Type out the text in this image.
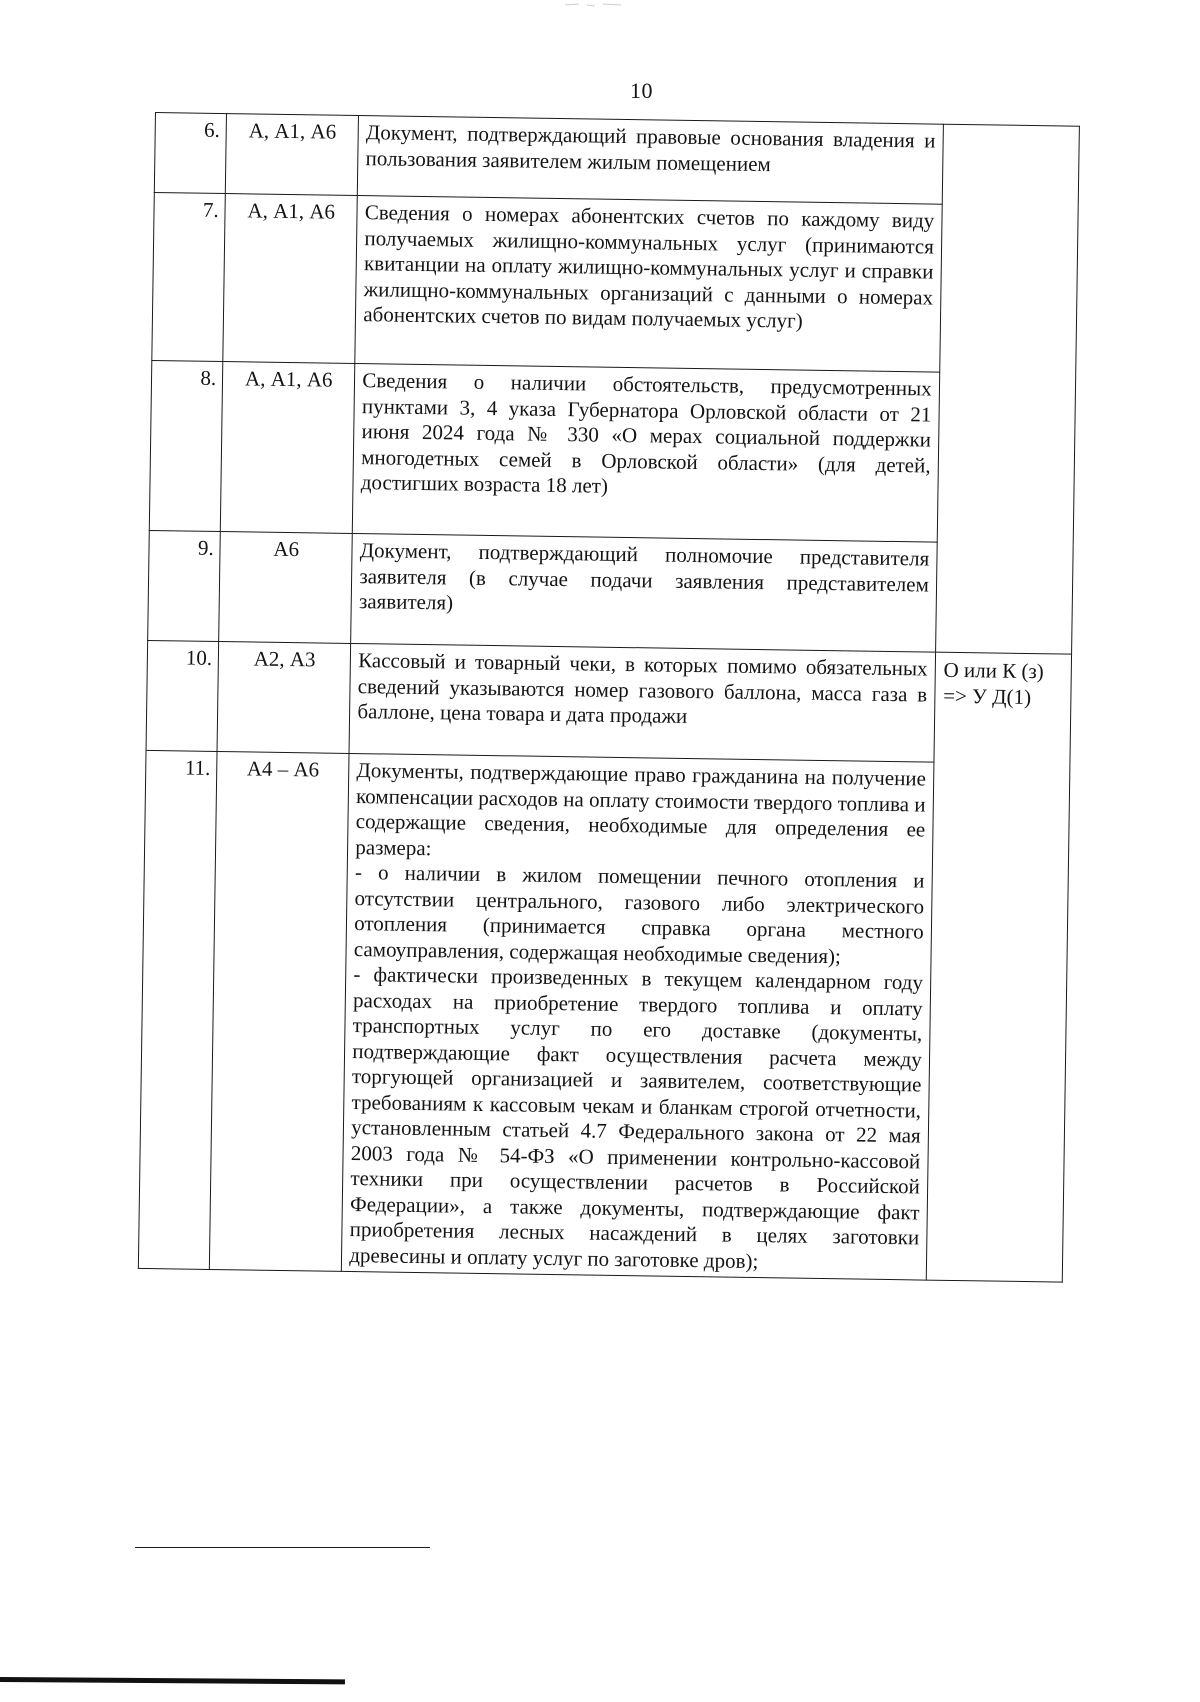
10
6.	А, А1, А6	Документ, подтверждающий правовые основания владения и пользования заявителем жилым помещением	
7.	А, А1, А6	Сведения о номерах абонентских счетов по каждому виду получаемых жилищно-коммунальных услуг (принимаются квитанции на оплату жилищно-коммунальных услуг и справки жилищно-коммунальных организаций с данными о номерах абонентских счетов по видам получаемых услуг)	
8.	А, А1, А6	Сведения о наличии обстоятельств, предусмотренных пунктами 3, 4 указа Губернатора Орловской области от 21 июня 2024 года № 330 «О мерах социальной поддержки многодетных семей в Орловской области» (для детей, достигших возраста 18 лет)	
9.	А6	Документ, подтверждающий полномочие представителя заявителя (в случае подачи заявления представителем заявителя)	
10.	А2, А3	Кассовый и товарный чеки, в которых помимо обязательных сведений указываются номер газового баллона, масса газа в баллоне, цена товара и дата продажи	О или К (з)
=> У Д(1)

11.	А4 – А6	Документы, подтверждающие право гражданина на получение компенсации расходов на оплату стоимости твердого топлива и содержащие сведения, необходимые для определения ее размера:
- о наличии в жилом помещении печного отопления и отсутствии центрального, газового либо электрического отопления (принимается справка органа местного самоуправления, содержащая необходимые сведения);
- фактически произведенных в текущем календарном году расходах на приобретение твердого топлива и оплату транспортных услуг по его доставке (документы, подтверждающие факт осуществления расчета между торгующей организацией и заявителем, соответствующие требованиям к кассовым чекам и бланкам строгой отчетности, установленным статьей 4.7 Федерального закона от 22 мая 2003 года № 54-ФЗ «О применении контрольно-кассовой техники при осуществлении расчетов в Российской Федерации», а также документы, подтверждающие факт приобретения лесных насаждений в целях заготовки древесины и оплату услуг по заготовке дров);	
